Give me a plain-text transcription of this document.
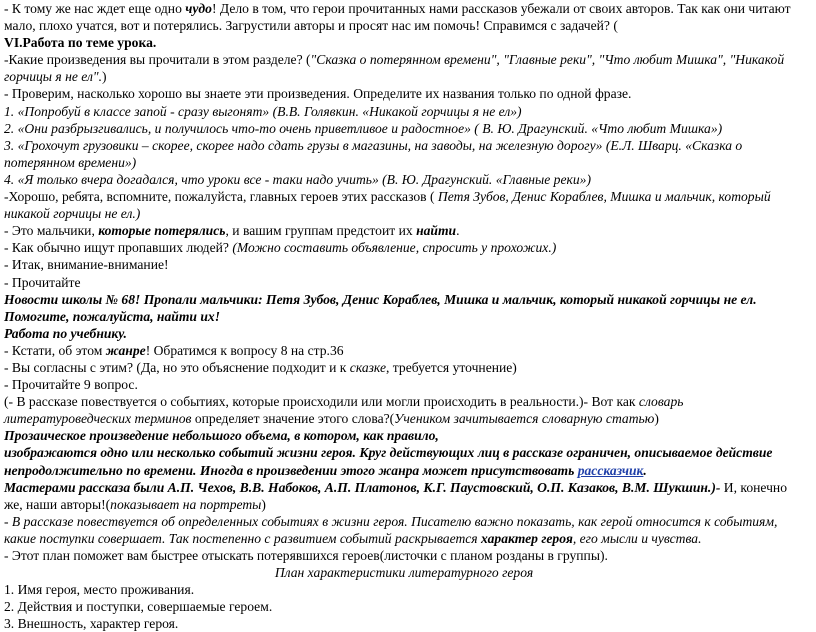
- К тому же нас ждет еще одно чудо! Дело в том, что герои прочитанных нами рассказов убежали от своих авторов. Так как они читают мало, плохо учатся, вот и потерялись. Загрустили авторы и просят нас им помочь! Справимся с задачей? (
VI.Работа по теме урока.
-Какие произведения вы прочитали в этом разделе? ("Сказка о потерянном времени", "Главные реки", "Что любит Мишка", "Никакой горчицы я не ел".)
- Проверим, насколько хорошо вы знаете эти произведения. Определите их названия только по одной фразе.
1. «Попробуй в классе запой - сразу выгонят» (В.В. Голявкин. «Никакой горчицы я не ел»)
2. «Они разбрызгивались, и получилось что-то очень приветливое и радостное» ( В. Ю. Драгунский. «Что любит Мишка»)
3. «Грохочут грузовики – скорее, скорее надо сдать грузы в магазины, на заводы, на железную дорогу» (Е.Л. Шварц. «Сказка о потерянном времени»)
4. «Я только вчера догадался, что уроки все - таки надо учить» (В. Ю. Драгунский. «Главные реки»)
-Хорошо, ребята, вспомните, пожалуйста, главных героев этих рассказов ( Петя Зубов, Денис Кораблев, Мишка и мальчик, который никакой горчицы не ел.)
- Это мальчики, которые потерялись, и вашим группам предстоит их найти.
- Как обычно ищут пропавших людей? (Можно составить объявление, спросить у прохожих.)
- Итак, внимание-внимание!
- Прочитайте
Новости школы № 68! Пропали мальчики: Петя Зубов, Денис Кораблев, Мишка и мальчик, который никакой горчицы не ел. Помогите, пожалуйста, найти их!
Работа по учебнику.
- Кстати, об этом жанре! Обратимся к вопросу 8 на стр.36
- Вы согласны с этим? (Да, но это объяснение подходит и к сказке, требуется уточнение)
- Прочитайте 9 вопрос.
(- В рассказе повествуется о событиях, которые происходили или могли происходить в реальности.)- Вот как словарь литературоведческих терминов определяет значение этого слова?(Учеником зачитывается словарную статью)
Прозаическое произведение небольшого объема, в котором, как правило,
изображаются одно или несколько событий жизни героя. Круг действующих лиц в рассказе ограничен, описываемое действие непродолжительно по времени. Иногда в произведении этого жанра может присутствовать рассказчик.
Мастерами рассказа были А.П. Чехов, В.В. Набоков, А.П. Платонов, К.Г. Паустовский, О.П. Казаков, В.М. Шукшин.)- И, конечно же, наши авторы!(показывает на портреты)
- В рассказе повествуется об определенных событиях в жизни героя. Писателю важно показать, как герой относится к событиям, какие поступки совершает. Так постепенно с развитием событий раскрывается характер героя, его мысли и чувства.
- Этот план поможет вам быстрее отыскать потерявшихся героев(листочки с планом розданы в группы).
План характеристики литературного героя
1. Имя героя, место проживания.
2. Действия и поступки, совершаемые героем.
3. Внешность, характер героя.
